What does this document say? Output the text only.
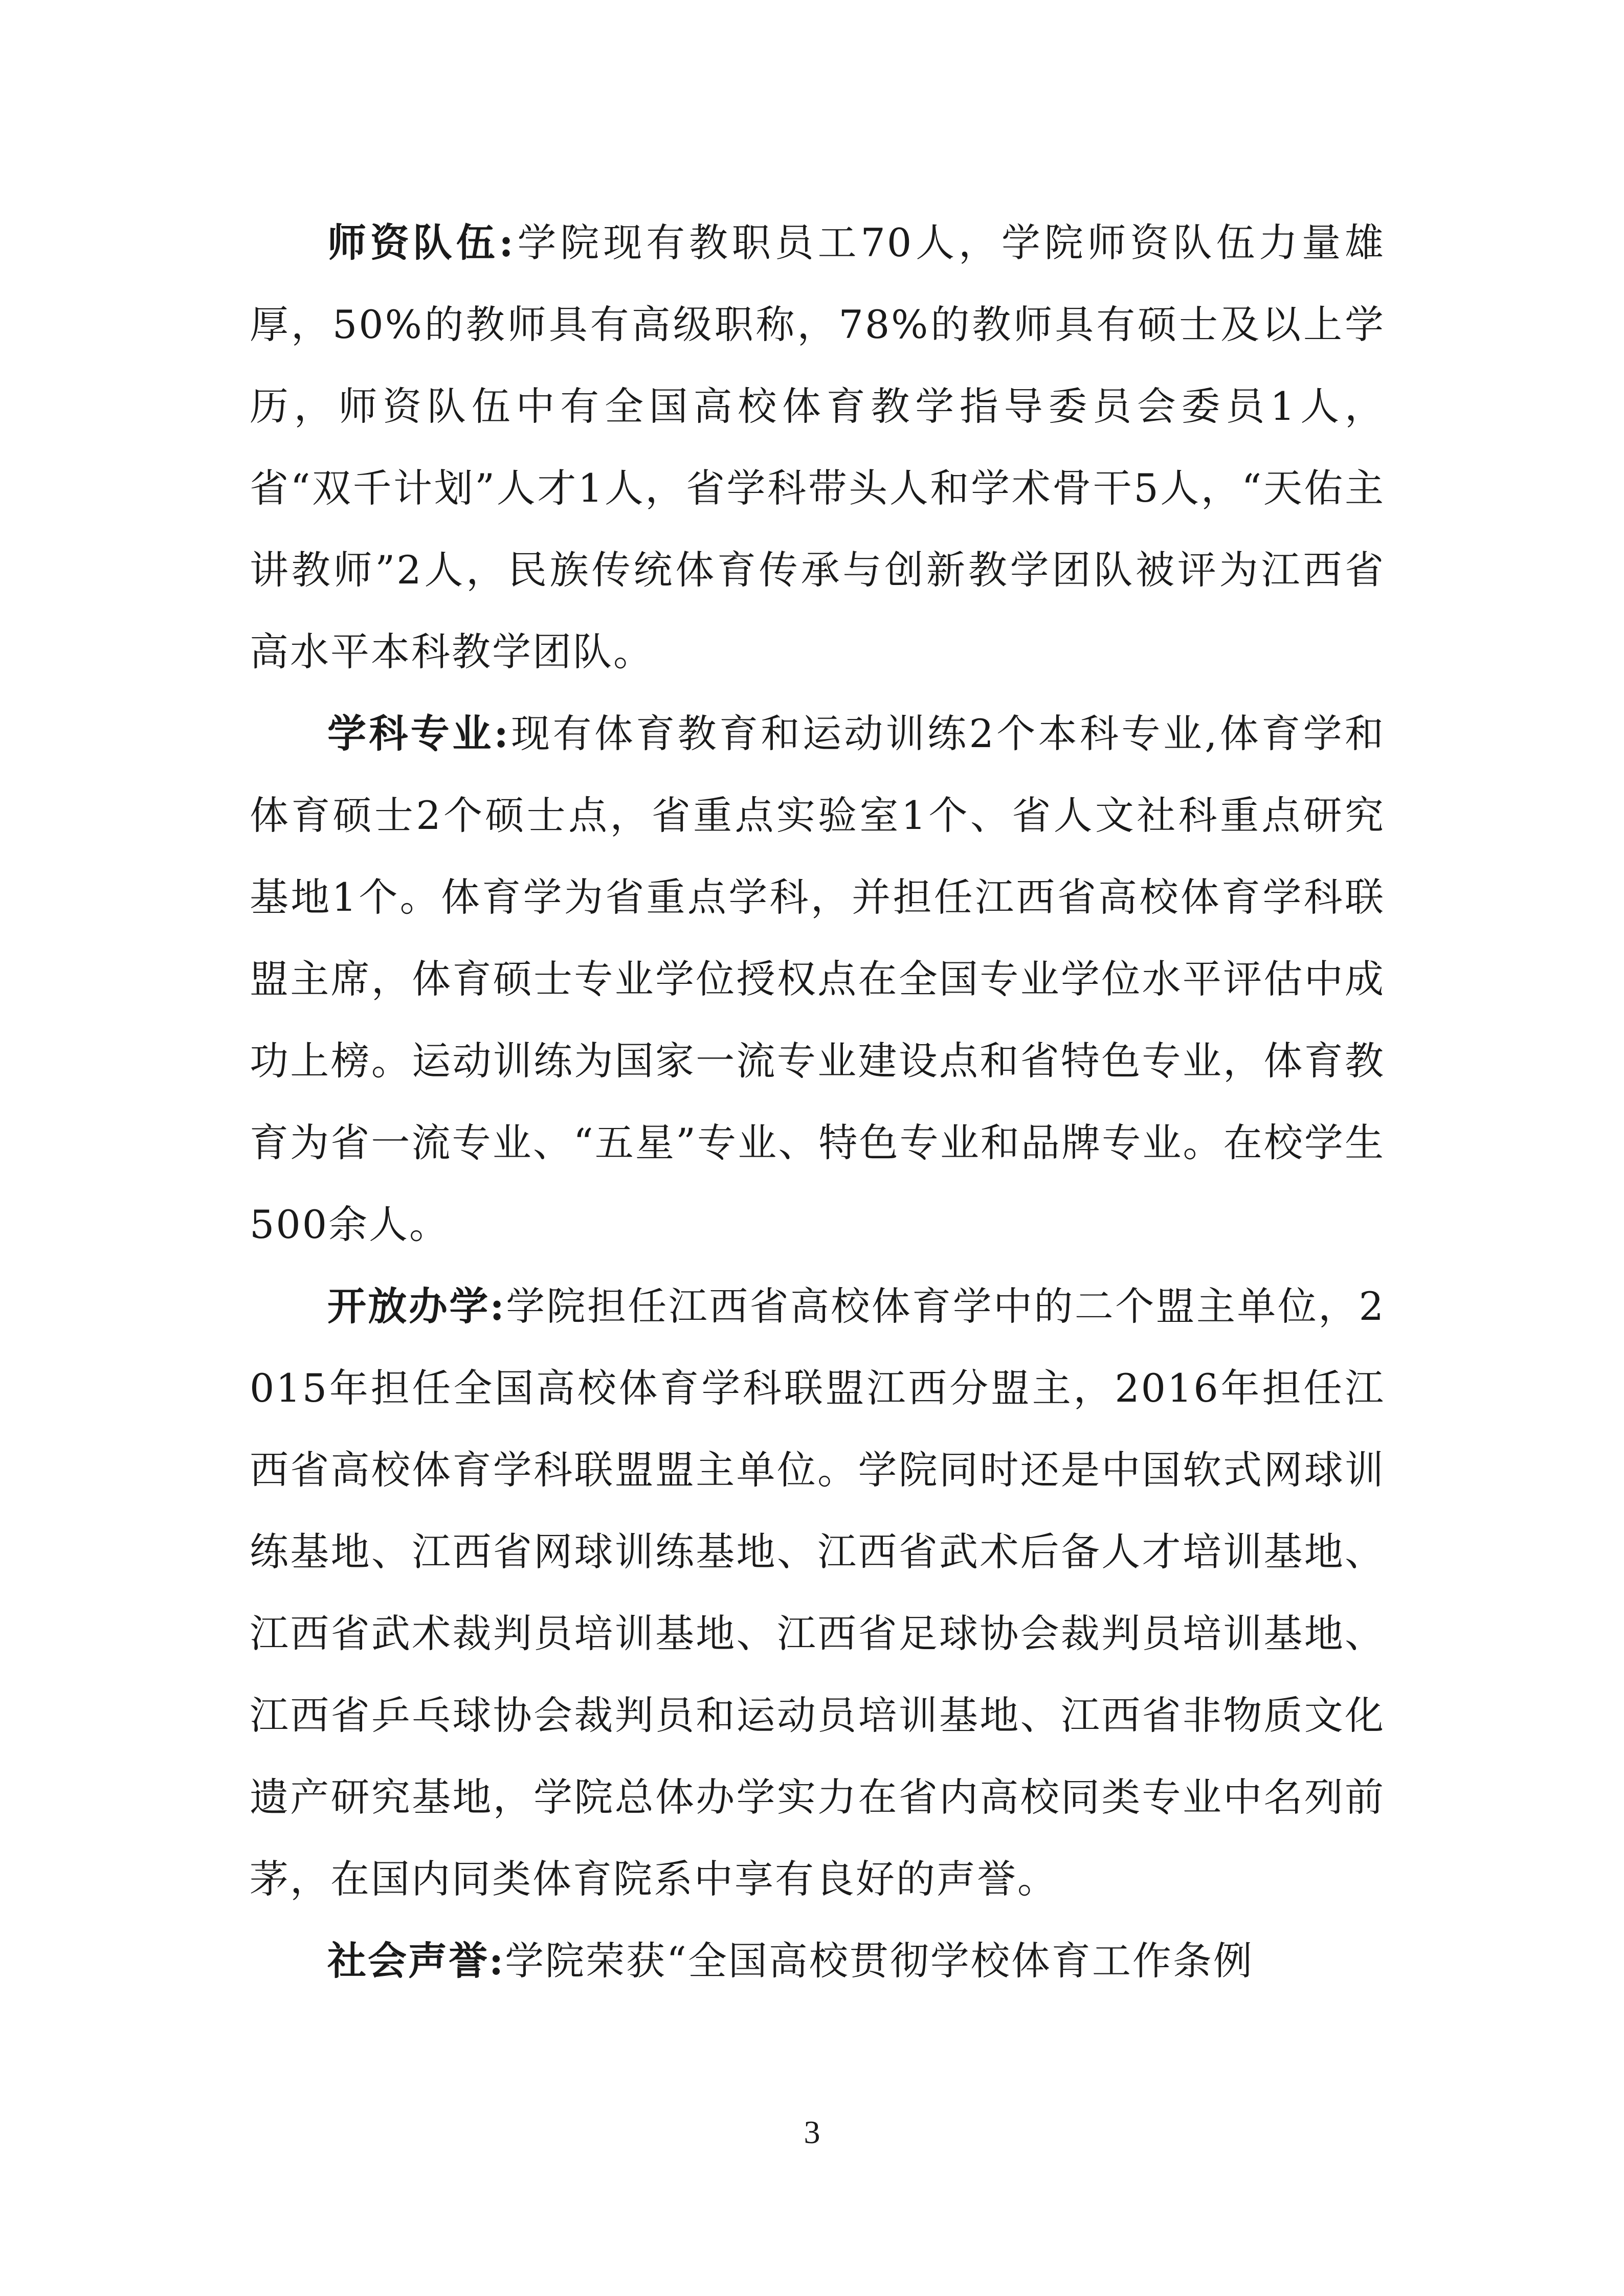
师资队伍:学院现有教职员工70人，学院师资队伍力量雄厚，50%的教师具有高级职称，78%的教师具有硕士及以上学历，师资队伍中有全国高校体育教学指导委员会委员1人，省“双千计划”人才1人，省学科带头人和学术骨干5人，“天佑主讲教师”2人，民族传统体育传承与创新教学团队被评为江西省高水平本科教学团队。

学科专业:现有体育教育和运动训练2个本科专业,体育学和体育硕士2个硕士点，省重点实验室1个、省人文社科重点研究基地1个。体育学为省重点学科，并担任江西省高校体育学科联盟主席，体育硕士专业学位授权点在全国专业学位水平评估中成功上榜。运动训练为国家一流专业建设点和省特色专业，体育教育为省一流专业、“五星”专业、特色专业和品牌专业。在校学生500余人。

开放办学:学院担任江西省高校体育学中的二个盟主单位，2015年担任全国高校体育学科联盟江西分盟主，2016年担任江西省高校体育学科联盟盟主单位。学院同时还是中国软式网球训练基地、江西省网球训练基地、江西省武术后备人才培训基地、江西省武术裁判员培训基地、江西省足球协会裁判员培训基地、江西省乒乓球协会裁判员和运动员培训基地、江西省非物质文化遗产研究基地，学院总体办学实力在省内高校同类专业中名列前茅，在国内同类体育院系中享有良好的声誉。

社会声誉:学院荣获“全国高校贯彻学校体育工作条例

3
